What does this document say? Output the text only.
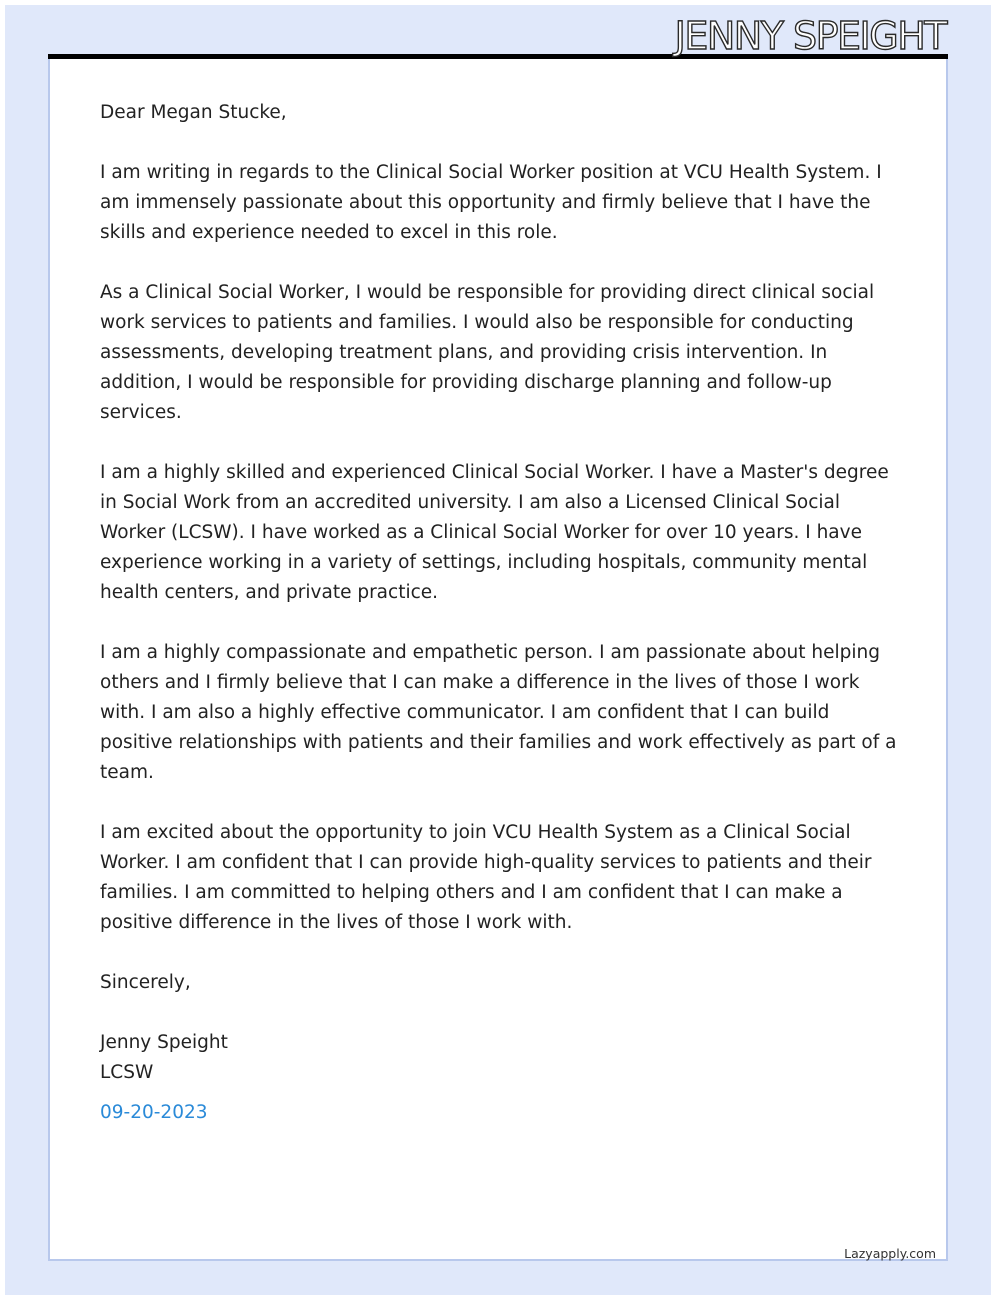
JENNY SPEIGHT

Dear Megan Stucke,

I am writing in regards to the Clinical Social Worker position at VCU Health System. I am immensely passionate about this opportunity and firmly believe that I have the skills and experience needed to excel in this role.

As a Clinical Social Worker, I would be responsible for providing direct clinical social work services to patients and families. I would also be responsible for conducting assessments, developing treatment plans, and providing crisis intervention. In addition, I would be responsible for providing discharge planning and follow-up services.

I am a highly skilled and experienced Clinical Social Worker. I have a Master's degree in Social Work from an accredited university. I am also a Licensed Clinical Social Worker (LCSW). I have worked as a Clinical Social Worker for over 10 years. I have experience working in a variety of settings, including hospitals, community mental health centers, and private practice.

I am a highly compassionate and empathetic person. I am passionate about helping others and I firmly believe that I can make a difference in the lives of those I work with. I am also a highly effective communicator. I am confident that I can build positive relationships with patients and their families and work effectively as part of a team.

I am excited about the opportunity to join VCU Health System as a Clinical Social Worker. I am confident that I can provide high-quality services to patients and their families. I am committed to helping others and I am confident that I can make a positive difference in the lives of those I work with.

Sincerely,

Jenny Speight
LCSW
09-20-2023
Lazyapply.com
